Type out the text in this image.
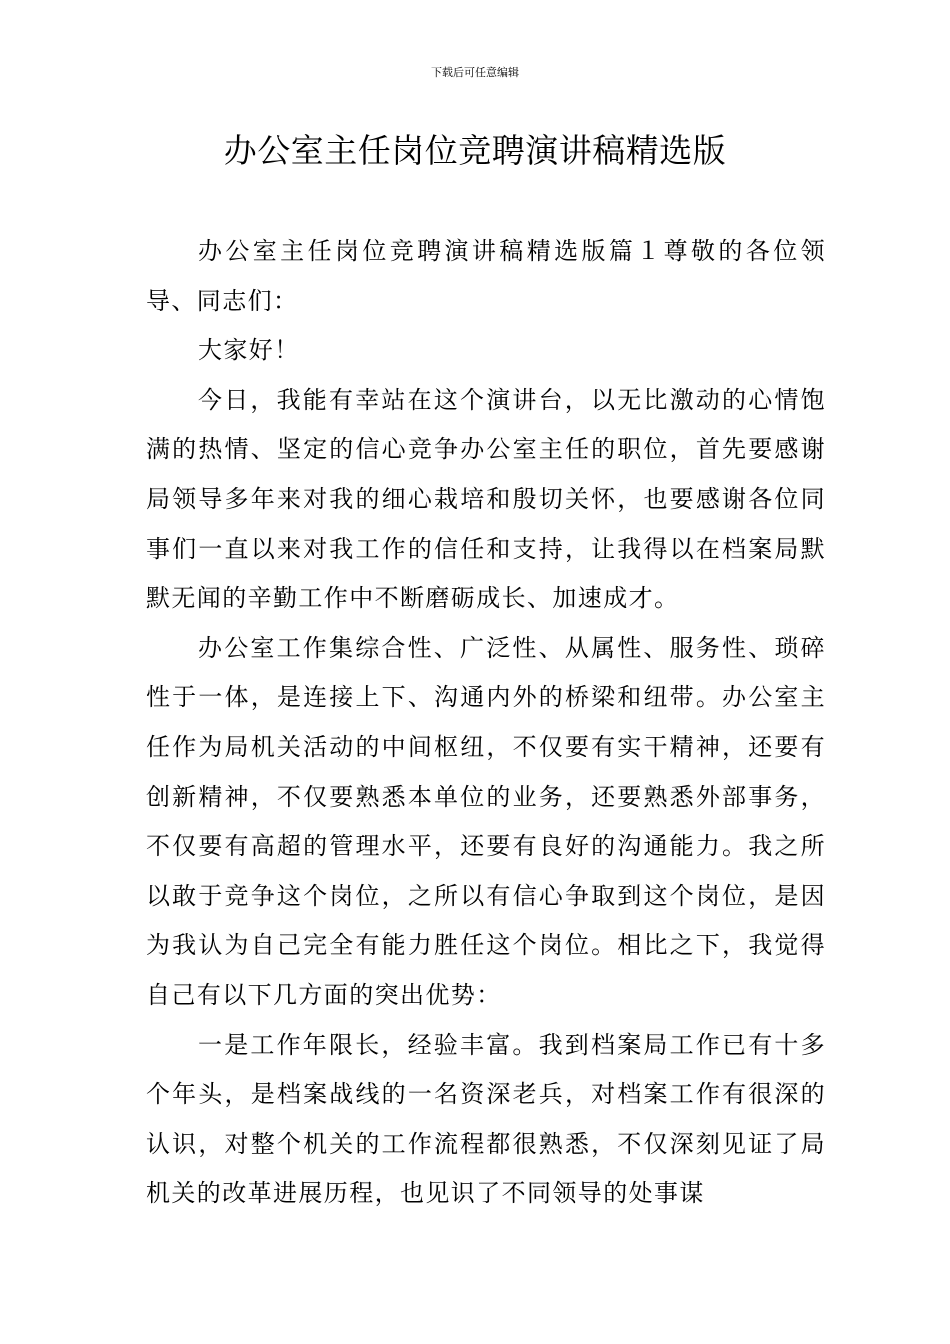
下载后可任意编辑
办公室主任岗位竞聘演讲稿精选版

办公室主任岗位竞聘演讲稿精选版篇１尊敬的各位领导、同志们：

大家好！

今日，我能有幸站在这个演讲台，以无比激动的心情饱满的热情、坚定的信心竞争办公室主任的职位，首先要感谢局领导多年来对我的细心栽培和殷切关怀，也要感谢各位同事们一直以来对我工作的信任和支持，让我得以在档案局默默无闻的辛勤工作中不断磨砺成长、加速成才。

办公室工作集综合性、广泛性、从属性、服务性、琐碎性于一体，是连接上下、沟通内外的桥梁和纽带。办公室主任作为局机关活动的中间枢纽，不仅要有实干精神，还要有创新精神，不仅要熟悉本单位的业务，还要熟悉外部事务，不仅要有高超的管理水平，还要有良好的沟通能力。我之所以敢于竞争这个岗位，之所以有信心争取到这个岗位，是因为我认为自己完全有能力胜任这个岗位。相比之下，我觉得自己有以下几方面的突出优势：

一是工作年限长，经验丰富。我到档案局工作已有十多个年头，是档案战线的一名资深老兵，对档案工作有很深的认识，对整个机关的工作流程都很熟悉，不仅深刻见证了局机关的改革进展历程，也见识了不同领导的处事谋
